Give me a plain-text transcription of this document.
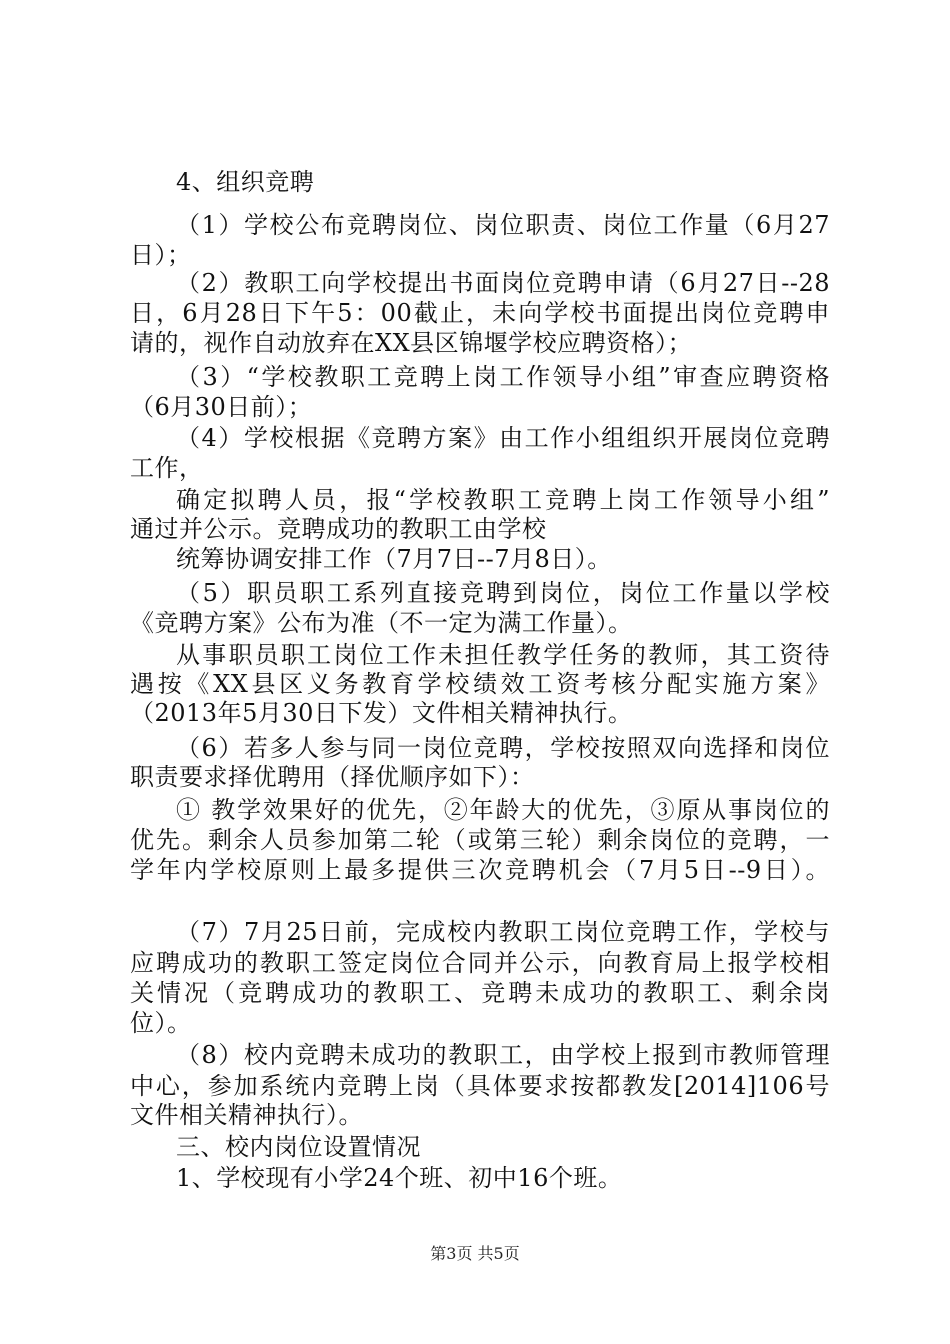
4、组织竞聘
（1）学校公布竞聘岗位、岗位职责、岗位工作量（6月27
日）；
（2）教职工向学校提出书面岗位竞聘申请（6月27日--28
日，6月28日下午5：00截止，未向学校书面提出岗位竞聘申
请的，视作自动放弃在XX县区锦堰学校应聘资格）；
（3）“学校教职工竞聘上岗工作领导小组”审查应聘资格
（6月30日前）；
（4）学校根据《竞聘方案》由工作小组组织开展岗位竞聘
工作，
确定拟聘人员，报“学校教职工竞聘上岗工作领导小组”
通过并公示。竞聘成功的教职工由学校
统筹协调安排工作（7月7日--7月8日）。
（5）职员职工系列直接竞聘到岗位，岗位工作量以学校
《竞聘方案》公布为准（不一定为满工作量）。
从事职员职工岗位工作未担任教学任务的教师，其工资待
遇按《XX县区义务教育学校绩效工资考核分配实施方案》
（2013年5月30日下发）文件相关精神执行。
（6）若多人参与同一岗位竞聘，学校按照双向选择和岗位
职责要求择优聘用（择优顺序如下）：
① 教学效果好的优先，②年龄大的优先，③原从事岗位的
优先。剩余人员参加第二轮（或第三轮）剩余岗位的竞聘，一
学年内学校原则上最多提供三次竞聘机会（7月5日--9日）。
（7）7月25日前，完成校内教职工岗位竞聘工作，学校与
应聘成功的教职工签定岗位合同并公示，向教育局上报学校相
关情况（竞聘成功的教职工、竞聘未成功的教职工、剩余岗
位）。
（8）校内竞聘未成功的教职工，由学校上报到市教师管理
中心，参加系统内竞聘上岗（具体要求按都教发[2014]106号
文件相关精神执行）。
三、校内岗位设置情况
1、学校现有小学24个班、初中16个班。
第3页 共5页
